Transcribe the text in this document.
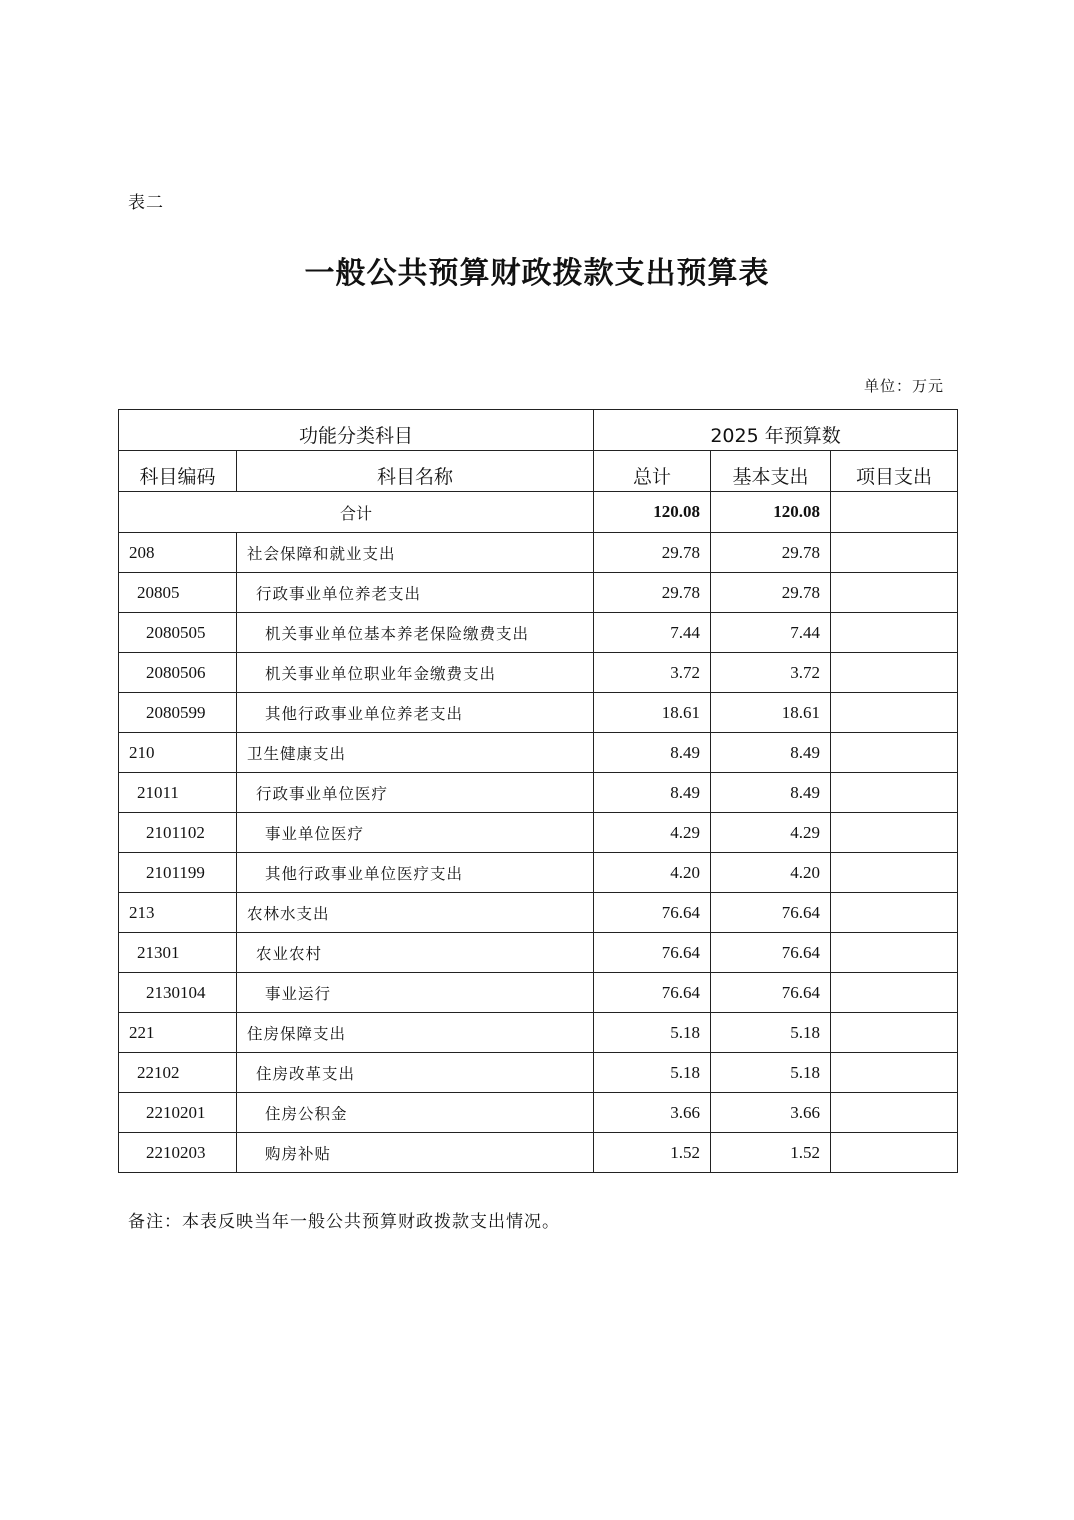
表二
一般公共预算财政拨款支出预算表
单位：万元
功能分类科目		2025 年预算数		
科目编码	科目名称	总计	基本支出	项目支出
合计		120.08	120.08	
208	社会保障和就业支出	29.78	29.78	
20805	行政事业单位养老支出	29.78	29.78	
2080505	机关事业单位基本养老保险缴费支出	7.44	7.44	
2080506	机关事业单位职业年金缴费支出	3.72	3.72	
2080599	其他行政事业单位养老支出	18.61	18.61	
210	卫生健康支出	8.49	8.49	
21011	行政事业单位医疗	8.49	8.49	
2101102	事业单位医疗	4.29	4.29	
2101199	其他行政事业单位医疗支出	4.20	4.20	
213	农林水支出	76.64	76.64	
21301	农业农村	76.64	76.64	
2130104	事业运行	76.64	76.64	
221	住房保障支出	5.18	5.18	
22102	住房改革支出	5.18	5.18	
2210201	住房公积金	3.66	3.66	
2210203	购房补贴	1.52	1.52	
备注：本表反映当年一般公共预算财政拨款支出情况。
